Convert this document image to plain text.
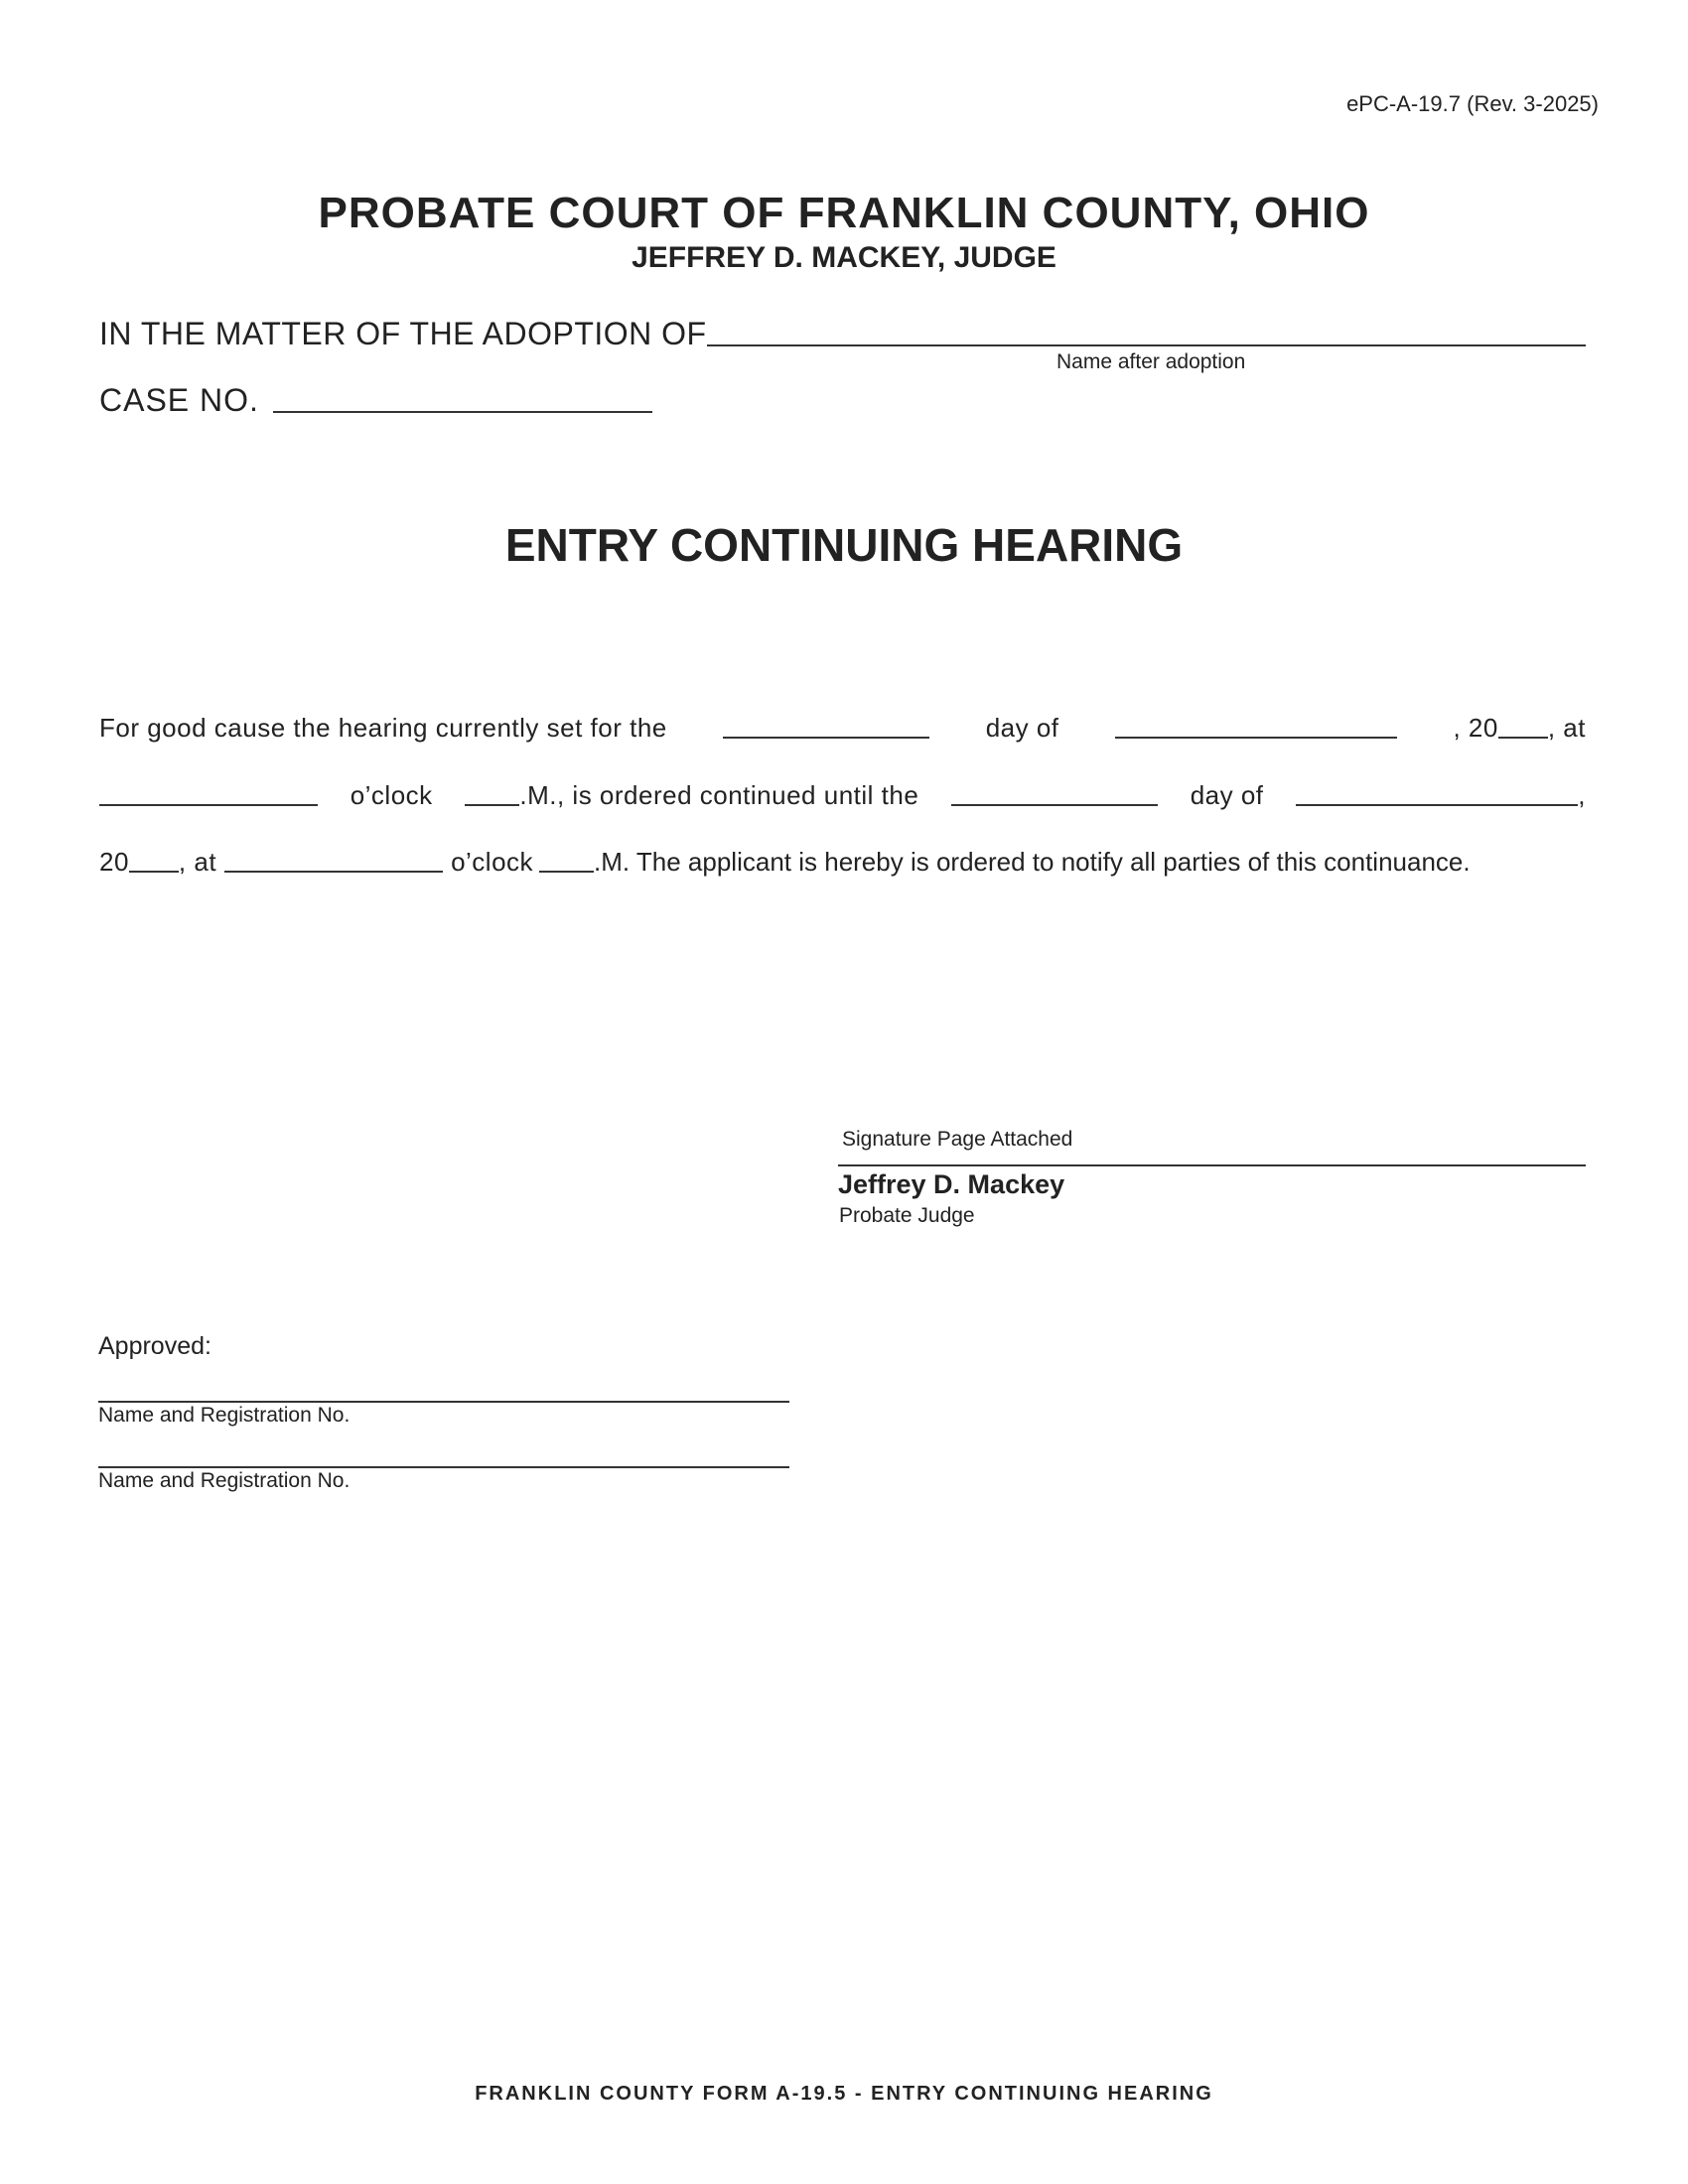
ePC-A-19.7 (Rev. 3-2025)
PROBATE COURT OF FRANKLIN COUNTY, OHIO
JEFFREY D. MACKEY, JUDGE
IN THE MATTER OF THE ADOPTION OF
Name after adoption
CASE NO.
ENTRY CONTINUING HEARING
For good cause the hearing currently set for the	day of	, 20 , at
o’clock	.M., is ordered continued until the	day of	,
20 , at	o’clock .M. The applicant is hereby is ordered to notify all parties of this continuance.
Signature Page Attached
Jeffrey D. Mackey
Probate Judge
Approved:
Name and Registration No.
Name and Registration No.
FRANKLIN COUNTY FORM A-19.5 - ENTRY CONTINUING HEARING
